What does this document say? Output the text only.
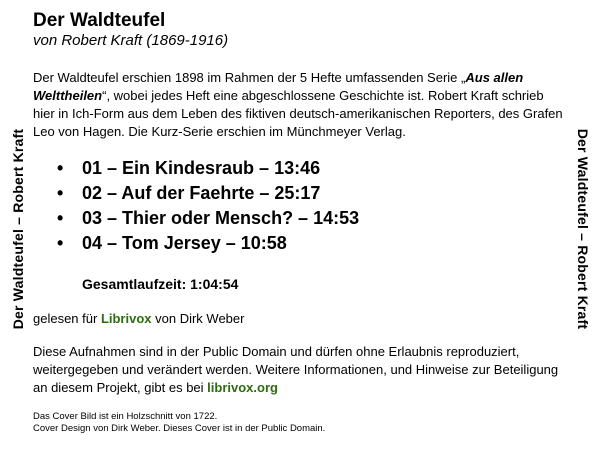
Der Waldteufel – Robert Kraft	Der Waldteufel – Robert Kraft
Der Waldteufel
von Robert Kraft (1869-1916)
Der Waldteufel erschien 1898 im Rahmen der 5 Hefte umfassenden Serie „Aus allen Welttheilen“, wobei jedes Heft eine abgeschlossene Geschichte ist. Robert Kraft schrieb hier in Ich-Form aus dem Leben des fiktiven deutsch-amerikanischen Reporters, des Grafen Leo von Hagen. Die Kurz-Serie erschien im Münchmeyer Verlag.
• 01 – Ein Kindesraub – 13:46
• 02 – Auf der Faehrte – 25:17
• 03 – Thier oder Mensch? – 14:53
• 04 – Tom Jersey – 10:58
Gesamtlaufzeit: 1:04:54
gelesen für Librivox von Dirk Weber
Diese Aufnahmen sind in der Public Domain und dürfen ohne Erlaubnis reproduziert, weitergegeben und verändert werden. Weitere Informationen, und Hinweise zur Beteiligung an diesem Projekt, gibt es bei librivox.org
Das Cover Bild ist ein Holzschnitt von 1722.
Cover Design von Dirk Weber. Dieses Cover ist in der Public Domain.
